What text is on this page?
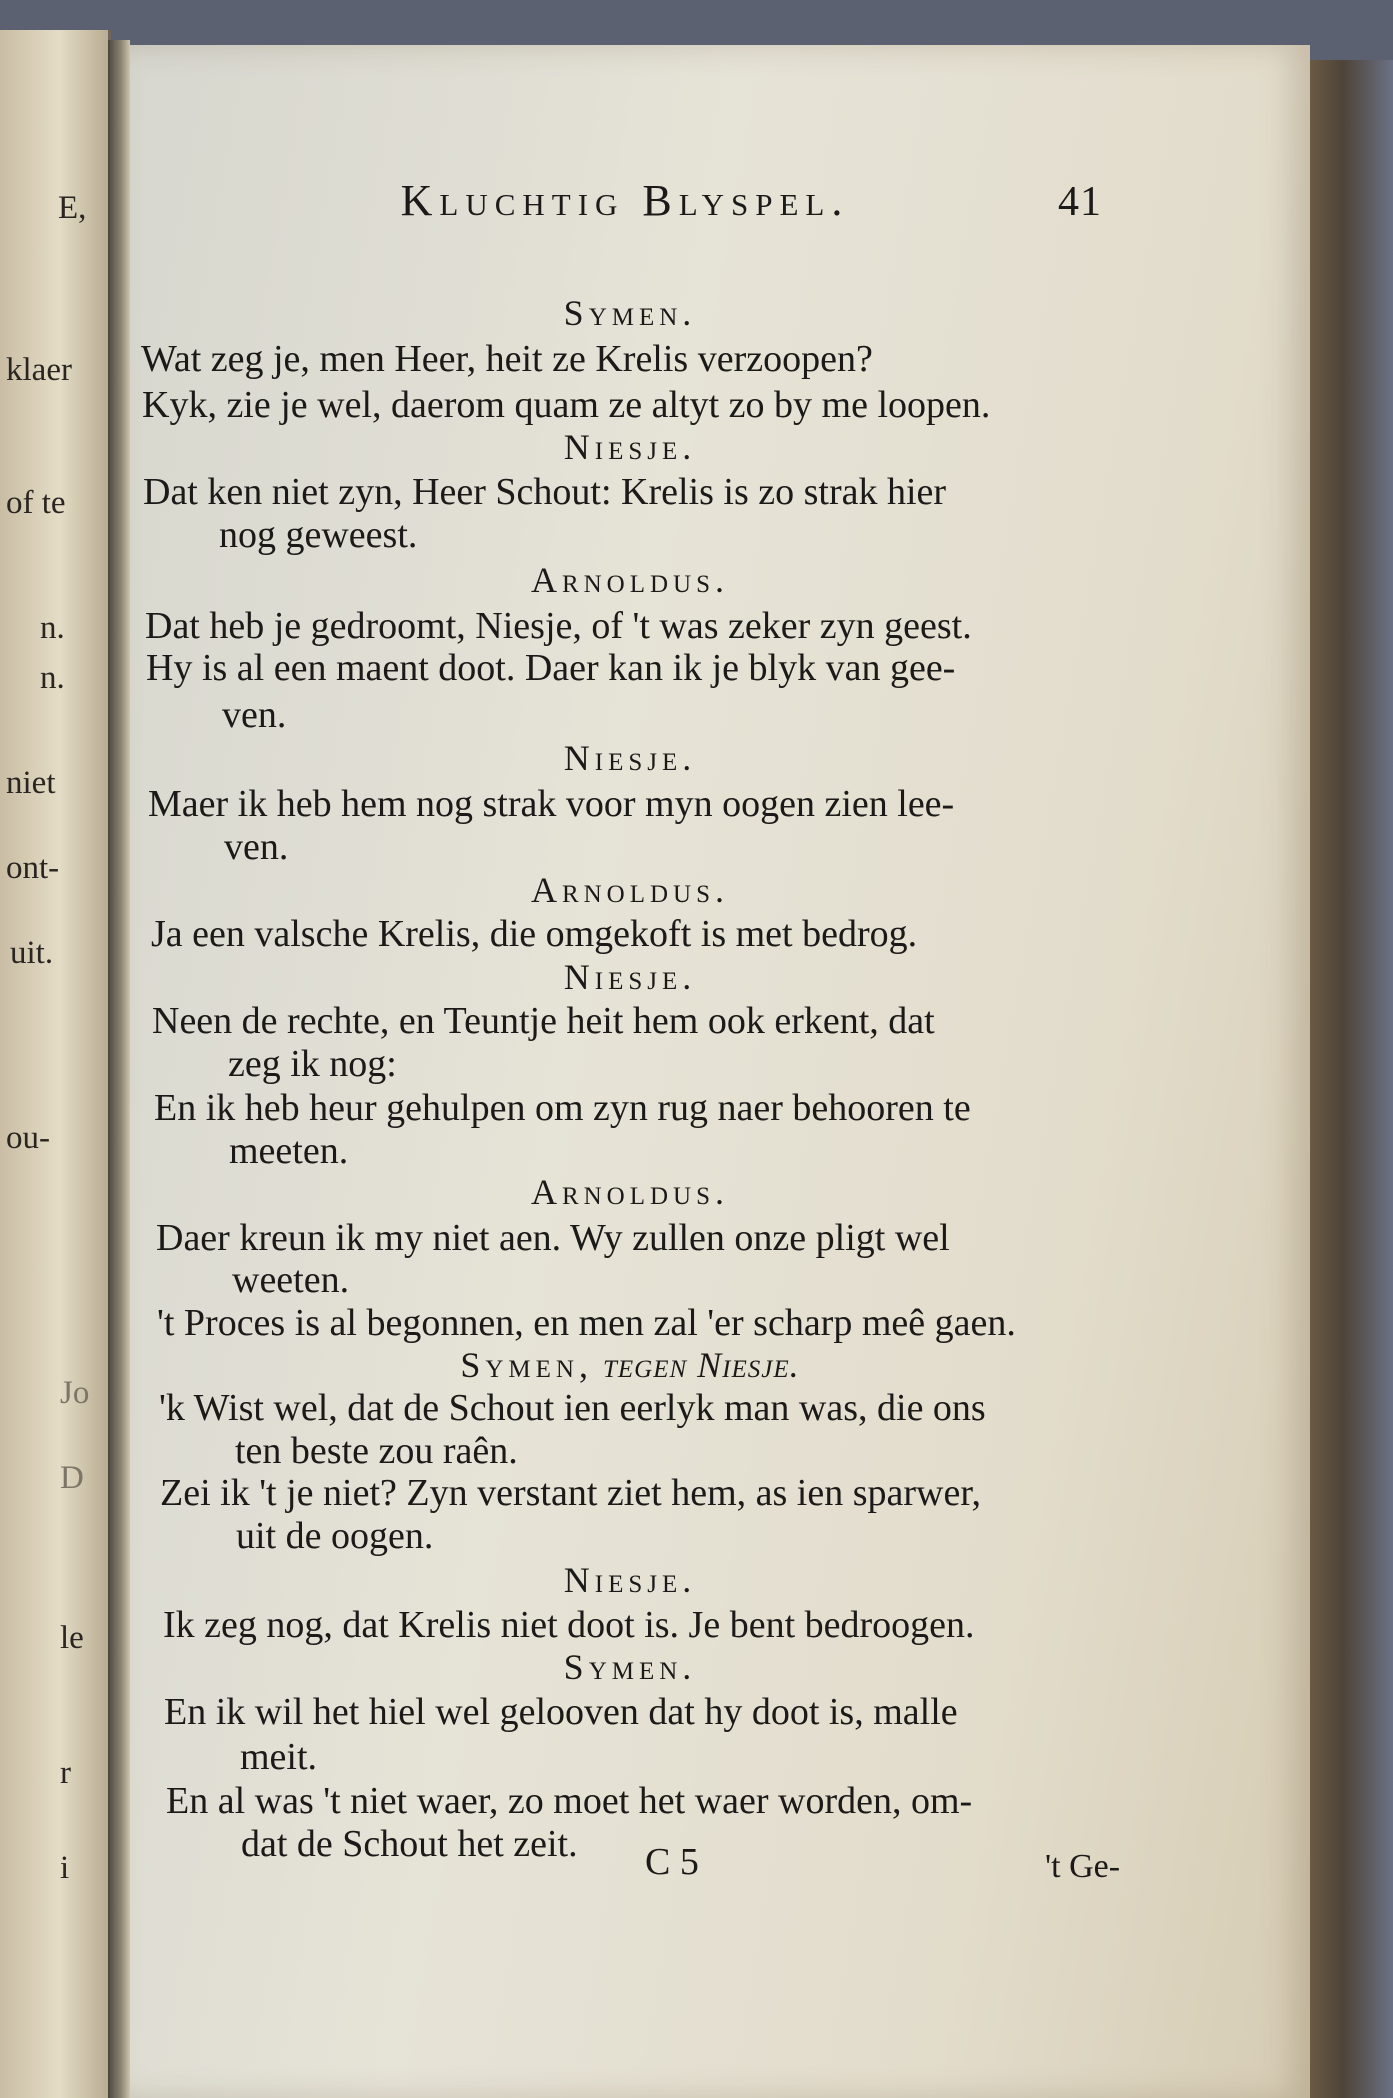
E,
klaer
of te
n.
n.
niet
ont-
uit.
ou-
Jo
D
le
r
i
Kluchtig Blyspel.	41
Symen.
Wat zeg je, men Heer, heit ze Krelis verzoopen?
Kyk, zie je wel, daerom quam ze altyt zo by me loopen.
Niesje.
Dat ken niet zyn, Heer Schout: Krelis is zo strak hier
nog geweest.
Arnoldus.
Dat heb je gedroomt, Niesje, of 't was zeker zyn geest.
Hy is al een maent doot. Daer kan ik je blyk van gee-
ven.
Niesje.
Maer ik heb hem nog strak voor myn oogen zien lee-
ven.
Arnoldus.
Ja een valsche Krelis, die omgekoft is met bedrog.
Niesje.
Neen de rechte, en Teuntje heit hem ook erkent, dat
zeg ik nog:
En ik heb heur gehulpen om zyn rug naer behooren te
meeten.
Arnoldus.
Daer kreun ik my niet aen. Wy zullen onze pligt wel
weeten.
't Proces is al begonnen, en men zal 'er scharp meê gaen.
Symen, tegen Niesje.
'k Wist wel, dat de Schout ien eerlyk man was, die ons
ten beste zou raên.
Zei ik 't je niet? Zyn verstant ziet hem, as ien sparwer,
uit de oogen.
Niesje.
Ik zeg nog, dat Krelis niet doot is. Je bent bedroogen.
Symen.
En ik wil het hiel wel gelooven dat hy doot is, malle
meit.
En al was 't niet waer, zo moet het waer worden, om-
dat de Schout het zeit. C 5	't Ge-
